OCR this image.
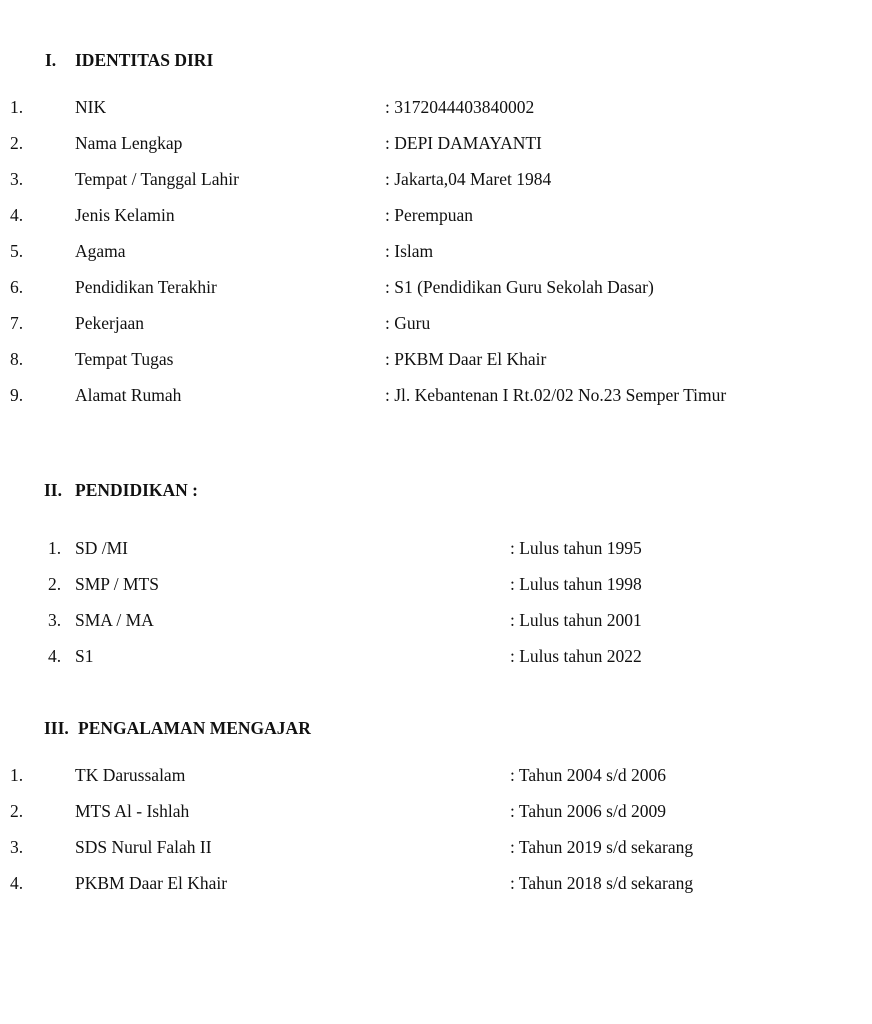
I. IDENTITAS DIRI
1.	NIK	: 3172044403840002
2.	Nama Lengkap	: DEPI DAMAYANTI
3.	Tempat / Tanggal Lahir	: Jakarta,04 Maret 1984
4.	Jenis Kelamin	: Perempuan
5.	Agama	: Islam
6.	Pendidikan Terakhir	: S1 (Pendidikan Guru Sekolah Dasar)
7.	Pekerjaan	: Guru
8.	Tempat Tugas	: PKBM Daar El Khair
9.	Alamat Rumah	: Jl. Kebantenan I Rt.02/02 No.23 Semper Timur
II. PENDIDIKAN :
1. SD /MI	: Lulus tahun 1995
2. SMP / MTS	: Lulus tahun 1998
3. SMA / MA	: Lulus tahun 2001
4. S1	: Lulus tahun 2022
III. PENGALAMAN MENGAJAR
1.	TK Darussalam	: Tahun 2004 s/d 2006
2.	MTS Al - Ishlah	: Tahun 2006 s/d 2009
3.	SDS Nurul Falah II	: Tahun 2019 s/d sekarang
4.	PKBM Daar El Khair	: Tahun 2018 s/d sekarang
